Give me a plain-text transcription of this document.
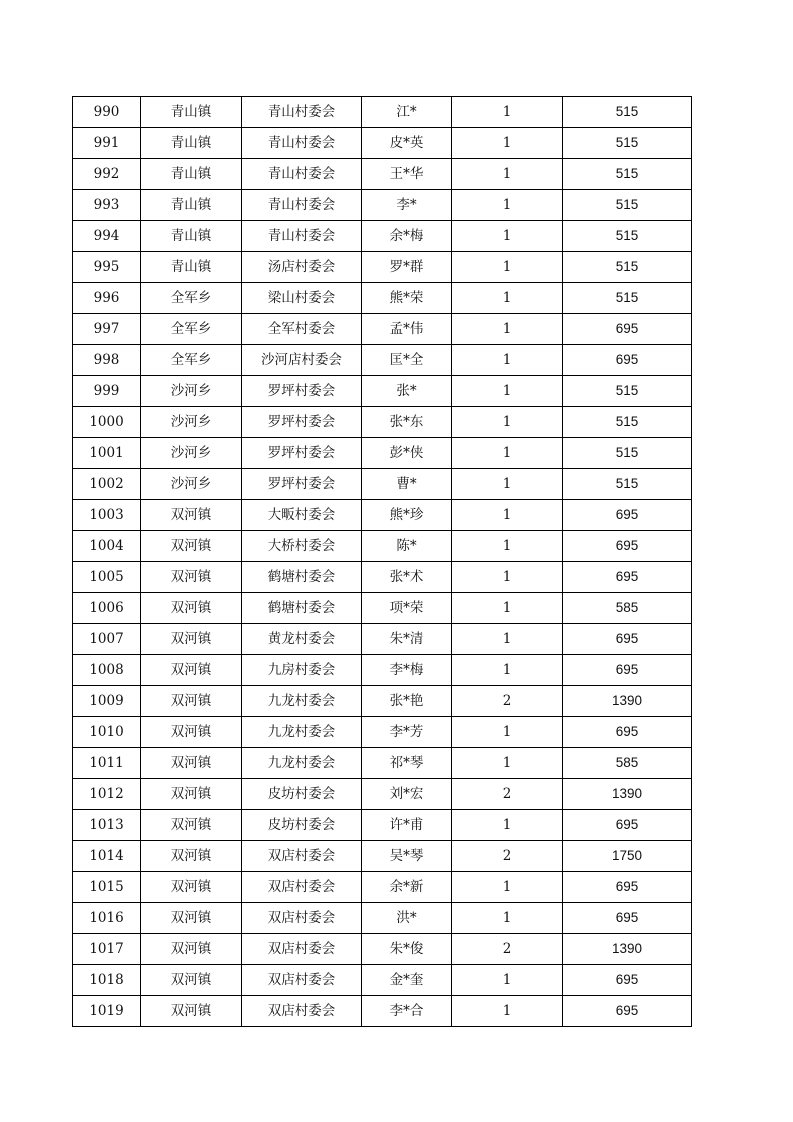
990	青山镇	青山村委会	江*	1	515
991	青山镇	青山村委会	皮*英	1	515
992	青山镇	青山村委会	王*华	1	515
993	青山镇	青山村委会	李*	1	515
994	青山镇	青山村委会	余*梅	1	515
995	青山镇	汤店村委会	罗*群	1	515
996	全军乡	梁山村委会	熊*荣	1	515
997	全军乡	全军村委会	孟*伟	1	695
998	全军乡	沙河店村委会	匡*全	1	695
999	沙河乡	罗坪村委会	张*	1	515
1000	沙河乡	罗坪村委会	张*东	1	515
1001	沙河乡	罗坪村委会	彭*侠	1	515
1002	沙河乡	罗坪村委会	曹*	1	515
1003	双河镇	大畈村委会	熊*珍	1	695
1004	双河镇	大桥村委会	陈*	1	695
1005	双河镇	鹤塘村委会	张*术	1	695
1006	双河镇	鹤塘村委会	项*荣	1	585
1007	双河镇	黄龙村委会	朱*清	1	695
1008	双河镇	九房村委会	李*梅	1	695
1009	双河镇	九龙村委会	张*艳	2	1390
1010	双河镇	九龙村委会	李*芳	1	695
1011	双河镇	九龙村委会	祁*琴	1	585
1012	双河镇	皮坊村委会	刘*宏	2	1390
1013	双河镇	皮坊村委会	许*甫	1	695
1014	双河镇	双店村委会	吴*琴	2	1750
1015	双河镇	双店村委会	余*新	1	695
1016	双河镇	双店村委会	洪*	1	695
1017	双河镇	双店村委会	朱*俊	2	1390
1018	双河镇	双店村委会	金*奎	1	695
1019	双河镇	双店村委会	李*合	1	695
